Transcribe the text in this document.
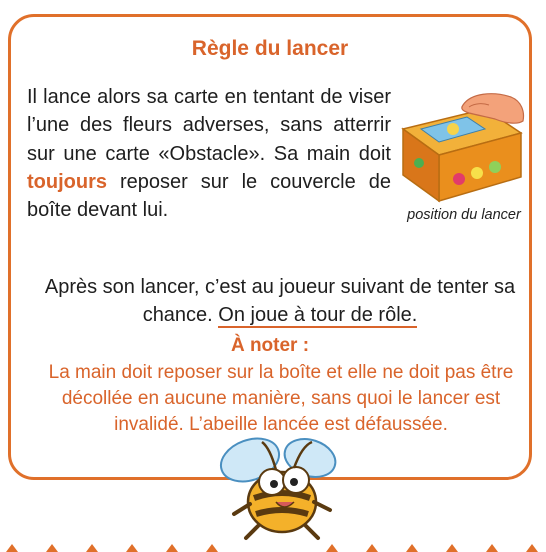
Règle du lancer

Il lance alors sa carte en tentant de viser l’une des fleurs adverses, sans atterrir sur une carte «Obstacle». Sa main doit toujours reposer sur le couvercle de boîte devant lui.	position du lancer

Après son lancer, c’est au joueur suivant de tenter sa chance. On joue à tour de rôle.

À noter :

La main doit reposer sur la boîte et elle ne doit pas être décollée en aucune manière, sans quoi le lancer est invalidé. L’abeille lancée est défaussée.
